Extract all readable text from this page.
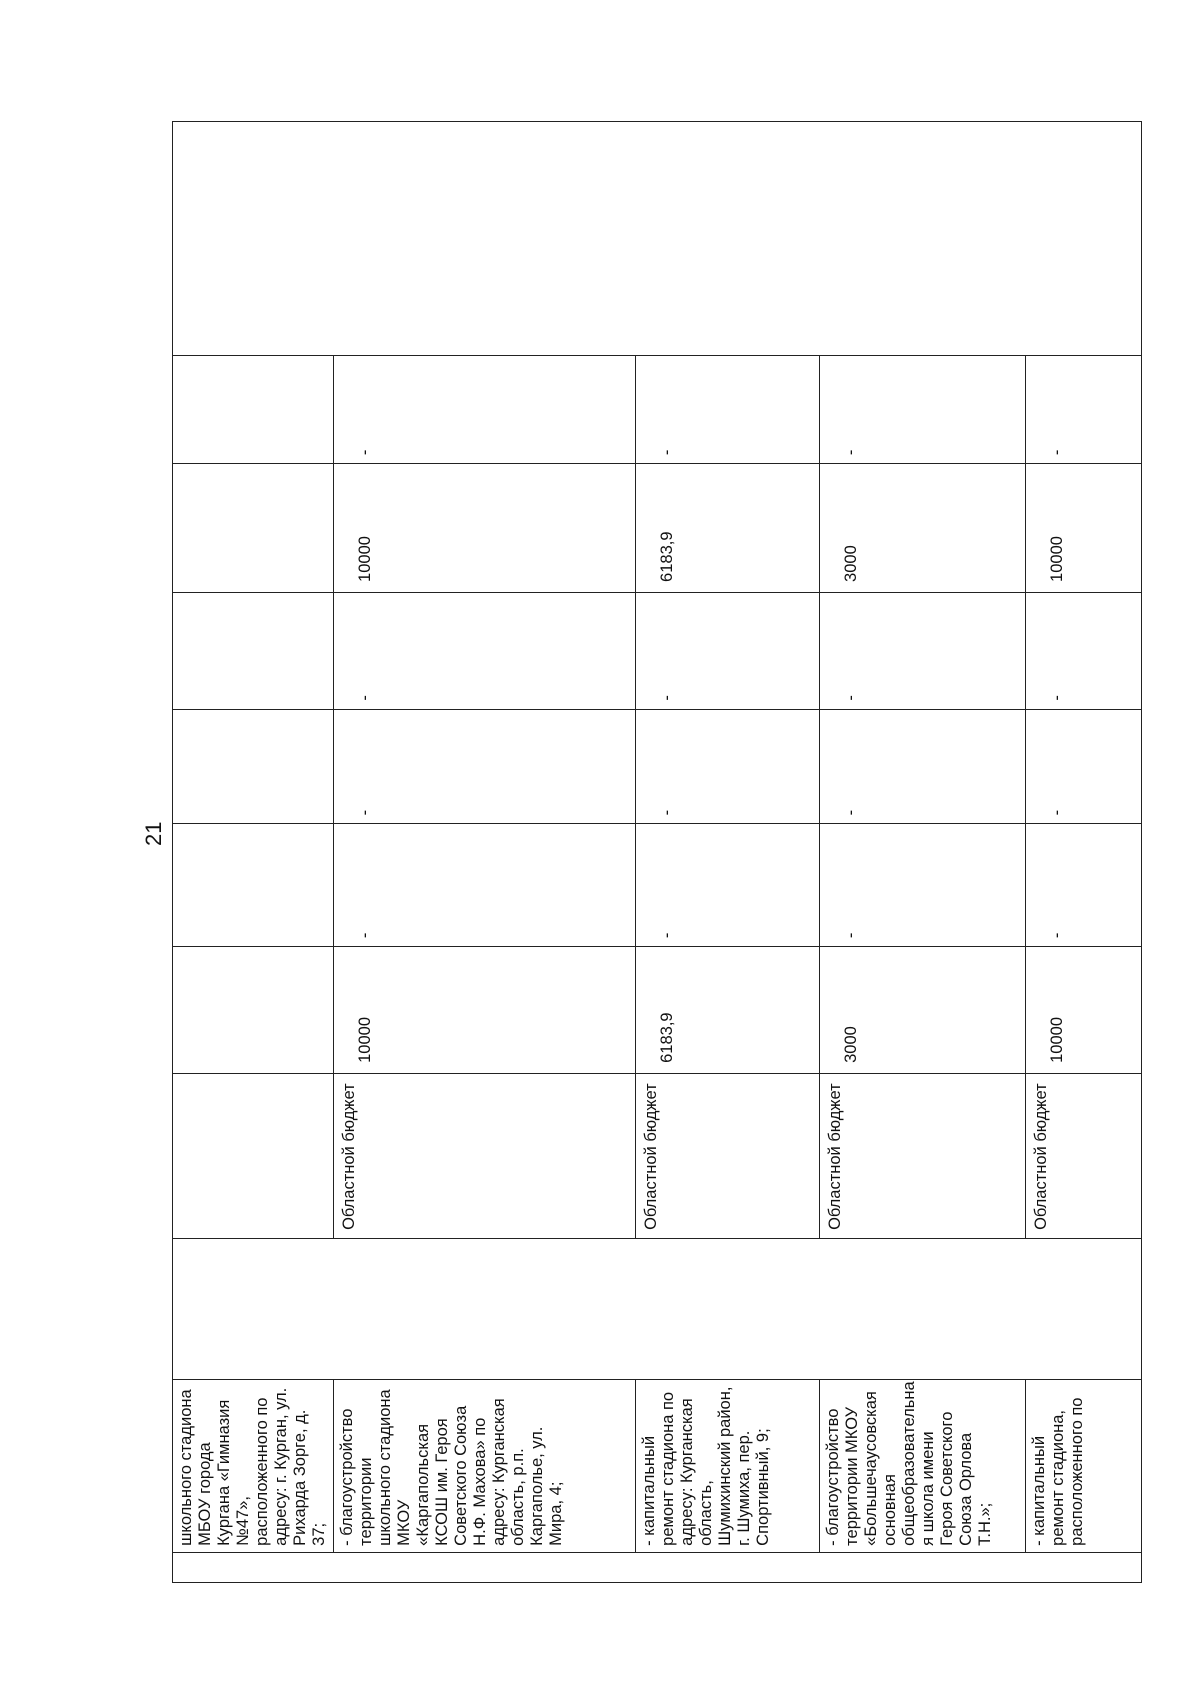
21
	школьного стадиона МБОУ города Кургана «Гимназия №47», расположенного по адресу: г. Курган, ул. Рихарда Зорге, д. 37;									
	- благоустройство территории школьного стадиона МКОУ «Каргапольская КСОШ им. Героя Советского Союза Н.Ф. Махова» по адресу: Курганская область, р.п. Каргаполье, ул. Мира, 4;		Областной бюджет	10000	-	-	-	10000	-	
	- капитальный ремонт стадиона по адресу: Курганская область, Шумихинский район, г. Шумиха, пер. Спортивный, 9;		Областной бюджет	6183,9	-	-	-	6183,9	-	
	- благоустройство территории МКОУ «Большечаусовская основная общеобразовательна я школа имени Героя Советского Союза Орлова Т.Н.»;		Областной бюджет	3000	-	-	-	3000	-	
	- капитальный ремонт стадиона, расположенного по		Областной бюджет	10000	-	-	-	10000	-	
